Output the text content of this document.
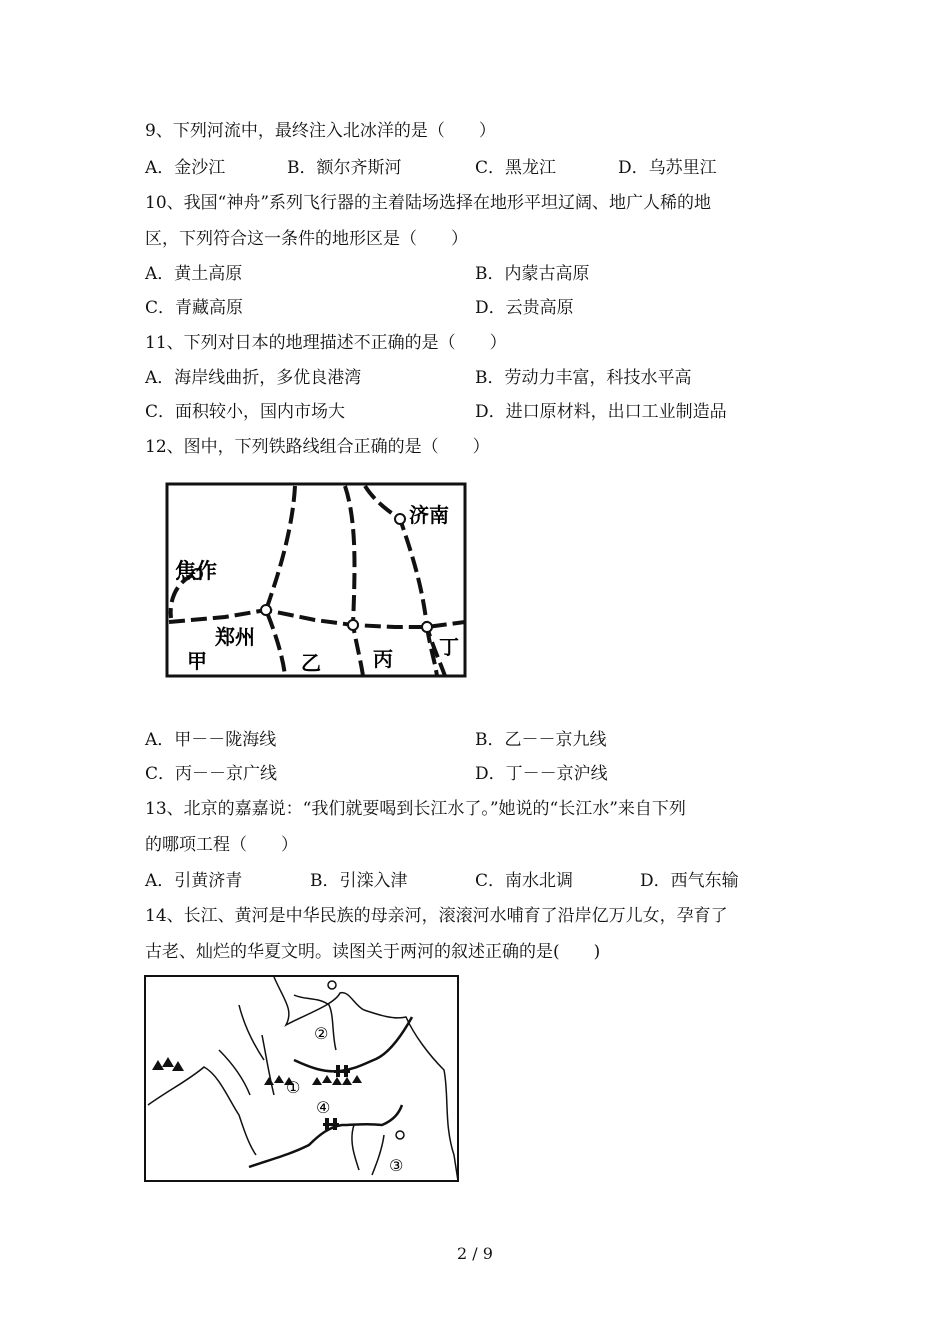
9、下列河流中，最终注入北冰洋的是（　　）
A．金沙江	B．额尔齐斯河	C．黑龙江	D．乌苏里江
10、我国“神舟”系列飞行器的主着陆场选择在地形平坦辽阔、地广人稀的地
区，下列符合这一条件的地形区是（　　）
A．黄土高原	B．内蒙古高原
C．青藏高原	D．云贵高原
11、下列对日本的地理描述不正确的是（　　）
A．海岸线曲折，多优良港湾	B．劳动力丰富，科技水平高
C．面积较小，国内市场大	D．进口原材料，出口工业制造品
12、图中，下列铁路线组合正确的是（　　）
济南
焦作
郑州
甲	乙	丙 丁
A．甲－－陇海线	B．乙－－京九线
C．丙－－京广线	D．丁－－京沪线
13、北京的嘉嘉说：“我们就要喝到长江水了。”她说的“长江水”来自下列
的哪项工程（　　）
A．引黄济青	B．引滦入津	C．南水北调	D．西气东输
14、长江、黄河是中华民族的母亲河，滚滚河水哺育了沿岸亿万儿女，孕育了
古老、灿烂的华夏文明。读图关于两河的叙述正确的是(　　)
①
②
③
④
2 / 9
